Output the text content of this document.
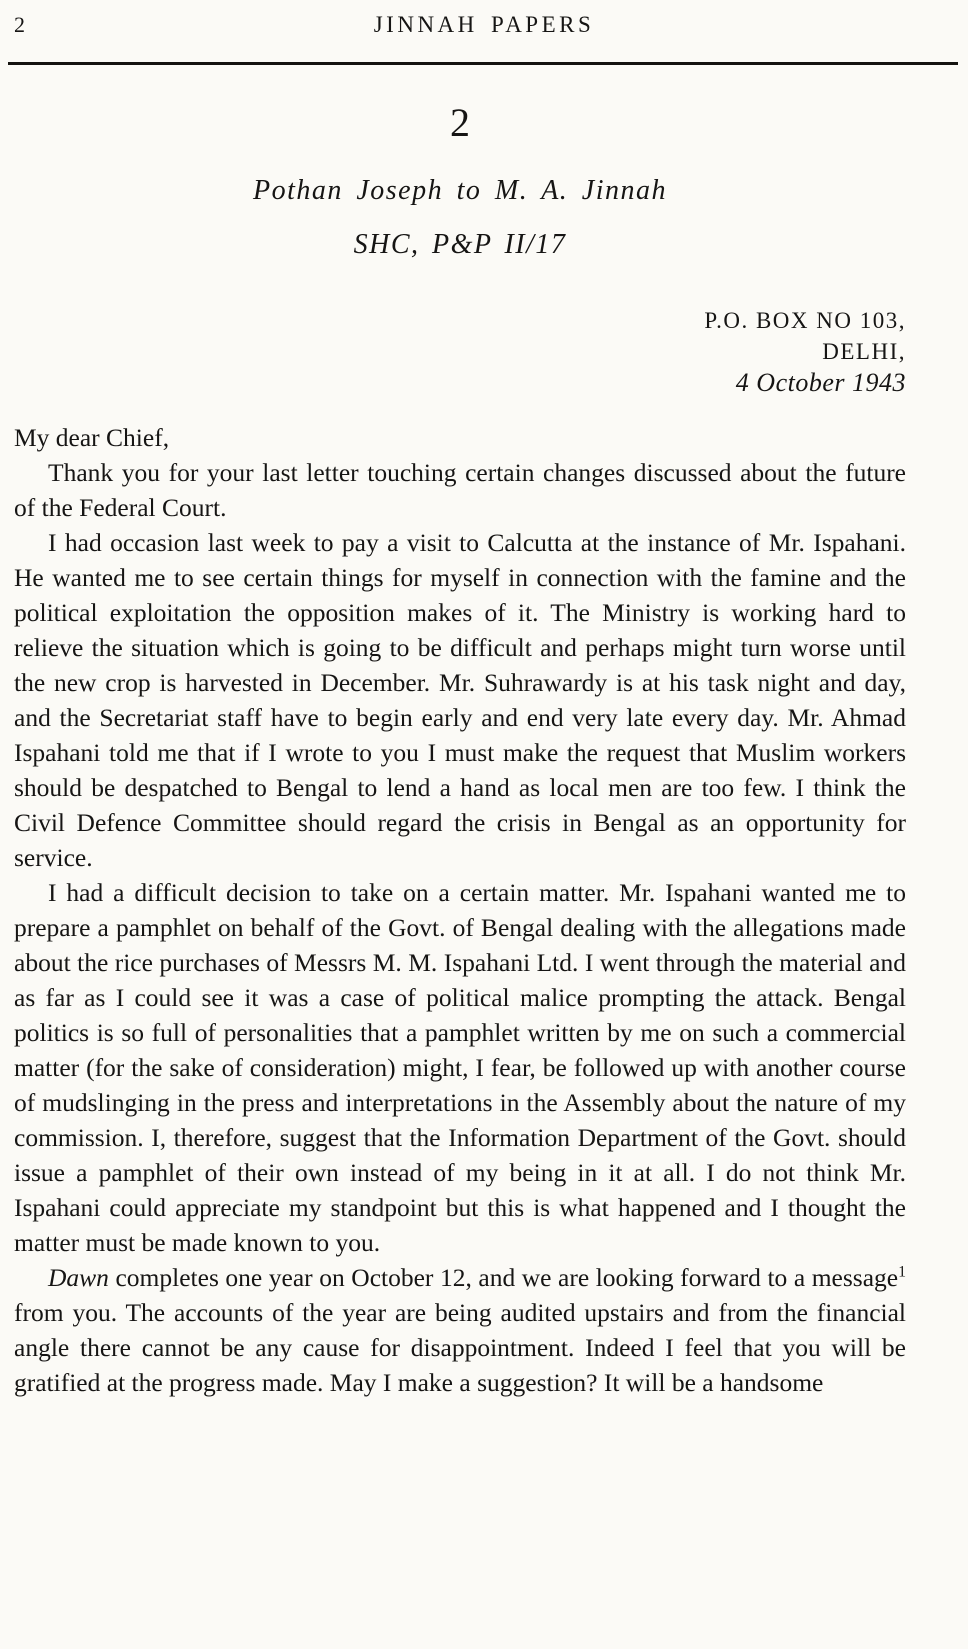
2	JINNAH PAPERS
2
Pothan Joseph to M. A. Jinnah
SHC, P&P II/17
P.O. BOX NO 103,
DELHI,
4 October 1943
My dear Chief,

Thank you for your last letter touching certain changes discussed about the future of the Federal Court.

I had occasion last week to pay a visit to Calcutta at the instance of Mr. Ispahani. He wanted me to see certain things for myself in connection with the famine and the political exploitation the opposition makes of it. The Ministry is working hard to relieve the situation which is going to be difficult and perhaps might turn worse until the new crop is harvested in December. Mr. Suhrawardy is at his task night and day, and the Secretariat staff have to begin early and end very late every day. Mr. Ahmad Ispahani told me that if I wrote to you I must make the request that Muslim workers should be despatched to Bengal to lend a hand as local men are too few. I think the Civil Defence Committee should regard the crisis in Bengal as an opportunity for service.

I had a difficult decision to take on a certain matter. Mr. Ispahani wanted me to prepare a pamphlet on behalf of the Govt. of Bengal dealing with the allegations made about the rice purchases of Messrs M. M. Ispahani Ltd. I went through the material and as far as I could see it was a case of political malice prompting the attack. Bengal politics is so full of personalities that a pamphlet written by me on such a commercial matter (for the sake of consideration) might, I fear, be followed up with another course of mudslinging in the press and interpretations in the Assembly about the nature of my commission. I, therefore, suggest that the Information Department of the Govt. should issue a pamphlet of their own instead of my being in it at all. I do not think Mr. Ispahani could appreciate my standpoint but this is what happened and I thought the matter must be made known to you.

Dawn completes one year on October 12, and we are looking forward to a message$^1$ from you. The accounts of the year are being audited upstairs and from the financial angle there cannot be any cause for disappointment. Indeed I feel that you will be gratified at the progress made. May I make a suggestion? It will be a handsome
